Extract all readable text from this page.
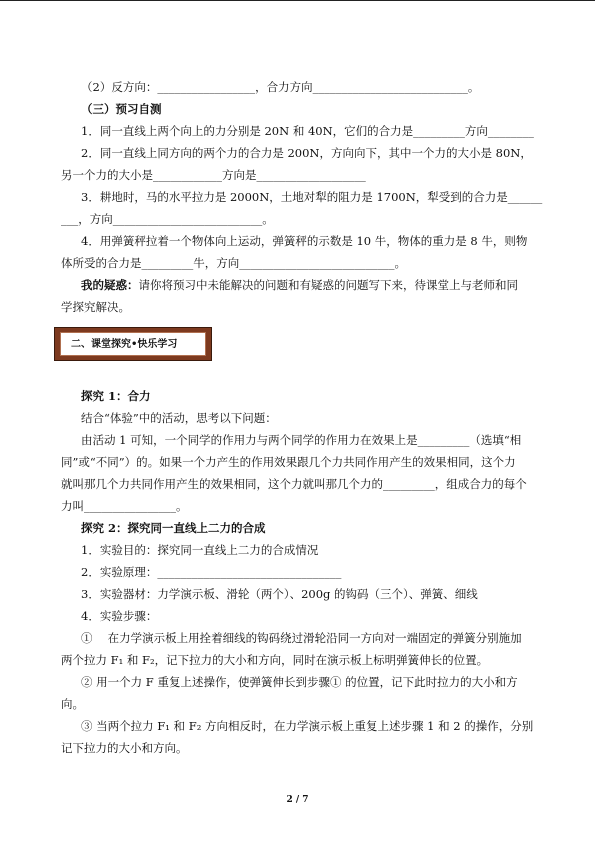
（2）反方向：_________________，合力方向___________________________。
（三）预习自测
1．同一直线上两个向上的力分别是 20N 和 40N，它们的合力是_________方向________
2．同一直线上同方向的两个力的合力是 200N，方向向下，其中一个力的大小是 80N，
另一个力的大小是____________方向是___________________
3．耕地时，马的水平拉力是 2000N，土地对犁的阻力是 1700N，犁受到的合力是______
___，方向__________________________。
4．用弹簧秤拉着一个物体向上运动，弹簧秤的示数是 10 牛，物体的重力是 8 牛，则物
体所受的合力是_________牛，方向___________________________。
我的疑惑：请你将预习中未能解决的问题和有疑惑的问题写下来，待课堂上与老师和同
学探究解决。
二、课堂探究•快乐学习
探究 1：合力
结合“体验”中的活动，思考以下问题：
由活动 1 可知，一个同学的作用力与两个同学的作用力在效果上是_________（选填“相
同”或“不同”）的。如果一个力产生的作用效果跟几个力共同作用产生的效果相同，这个力
就叫那几个力共同作用产生的效果相同，这个力就叫那几个力的_________，组成合力的每个
力叫________________。
探究 2：探究同一直线上二力的合成
1．实验目的：探究同一直线上二力的合成情况
2．实验原理：________________________________
3．实验器材：力学演示板、滑轮（两个）、200g 的钩码（三个）、弹簧、细线
4．实验步骤：
①　 在力学演示板上用拴着细线的钩码绕过滑轮沿同一方向对一端固定的弹簧分别施加
两个拉力 F₁ 和 F₂，记下拉力的大小和方向，同时在演示板上标明弹簧伸长的位置。
② 用一个力 F 重复上述操作，使弹簧伸长到步骤① 的位置，记下此时拉力的大小和方
向。
③ 当两个拉力 F₁ 和 F₂ 方向相反时，在力学演示板上重复上述步骤 1 和 2 的操作，分别
记下拉力的大小和方向。
2 / 7
